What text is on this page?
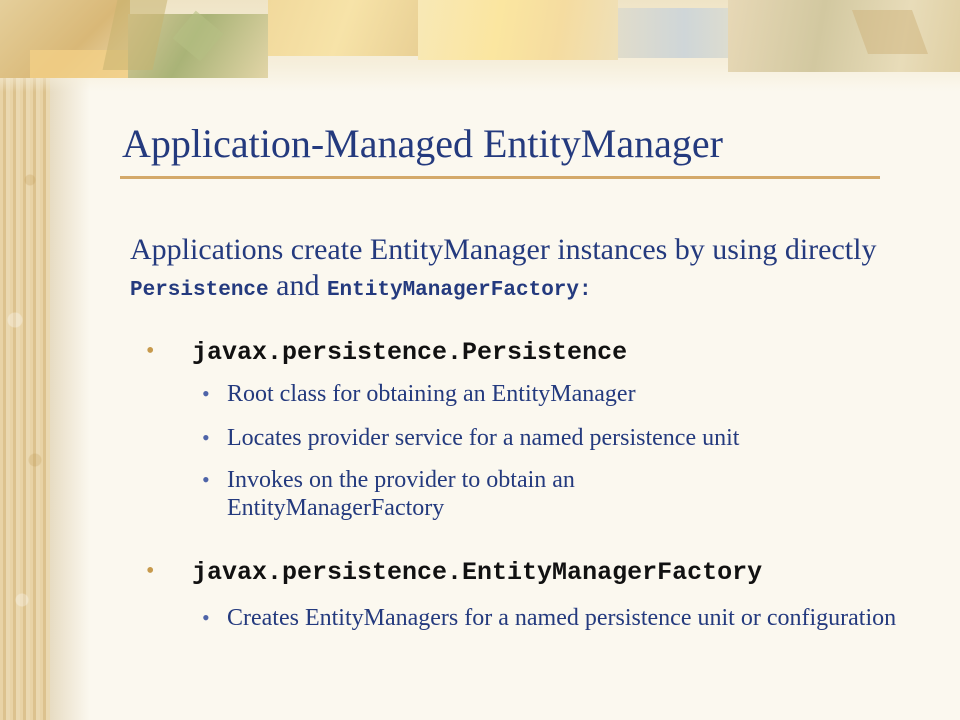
Application-Managed EntityManager

Applications create EntityManager instances by using directly Persistence and EntityManagerFactory:

• javax.persistence.Persistence
• Root class for obtaining an EntityManager
• Locates provider service for a named persistence unit
• Invokes on the provider to obtain an EntityManagerFactory
• javax.persistence.EntityManagerFactory
• Creates EntityManagers for a named persistence unit or configuration
